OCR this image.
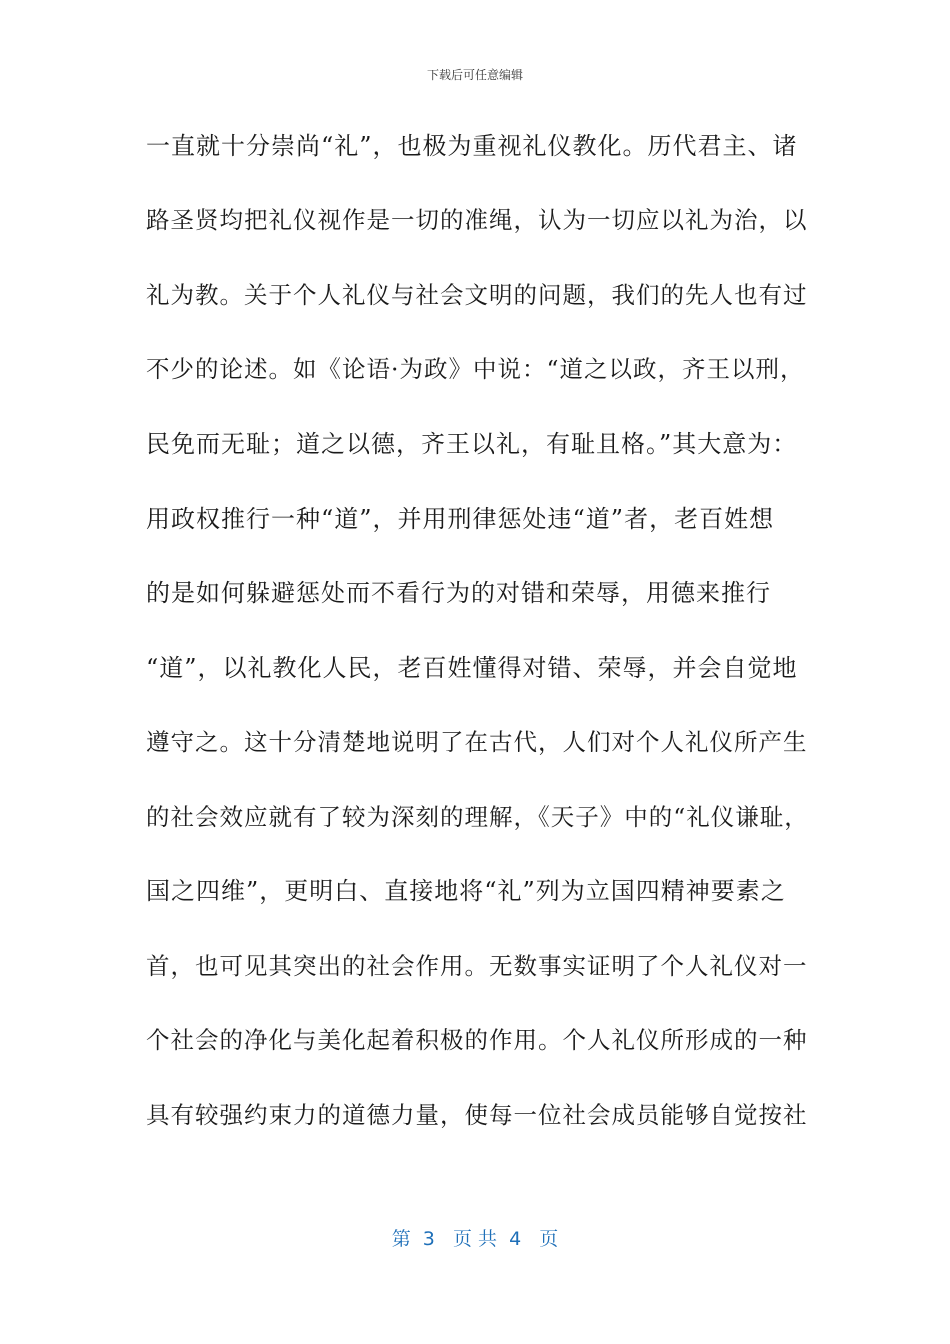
下载后可任意编辑
一直就十分崇尚“礼”，也极为重视礼仪教化。历代君主、诸
路圣贤均把礼仪视作是一切的准绳，认为一切应以礼为治，以
礼为教。关于个人礼仪与社会文明的问题，我们的先人也有过
不少的论述。如《论语·为政》中说：“道之以政，齐王以刑，
民免而无耻；道之以德，齐王以礼，有耻且格。”其大意为：
用政权推行一种“道”，并用刑律惩处违“道”者，老百姓想
的是如何躲避惩处而不看行为的对错和荣辱，用德来推行
“道”，以礼教化人民，老百姓懂得对错、荣辱，并会自觉地
遵守之。这十分清楚地说明了在古代，人们对个人礼仪所产生
的社会效应就有了较为深刻的理解，《天子》中的“礼仪谦耻，
国之四维”，更明白、直接地将“礼”列为立国四精神要素之
首，也可见其突出的社会作用。无数事实证明了个人礼仪对一
个社会的净化与美化起着积极的作用。个人礼仪所形成的一种
具有较强约束力的道德力量，使每一位社会成员能够自觉按社
第  3   页 共  4   页
